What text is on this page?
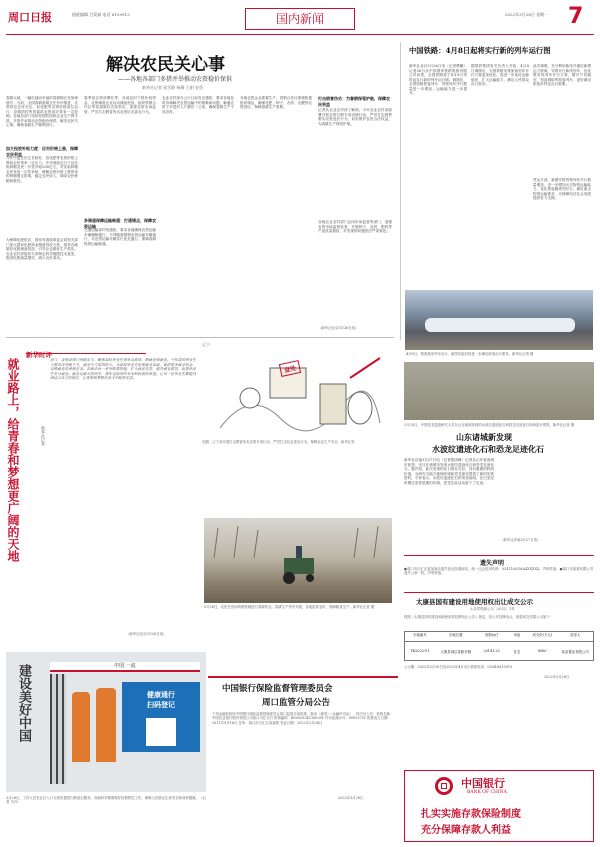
周口日报	值班编辑 吕爱斌 电话 6159913	国内新闻	2022年3月28日 星期一 7
解决农民关心事
——各地各部门多措并举推动农资稳价保供
新华社记者 侯雪静 杨静 王阳 安蓓
春耕大地，一幅忙碌而幸福的春耕图正在徐徐展开。当前，全国春耕备耕正在有序推进，农资供应总体充足，但化肥等农资价格高位运行、疫情防控等因素给农资供应带来一定影响。各地各部门坚持疫情防控和农业生产两手抓，多措并举推动农资稳价保供，解决农民关心事，确保春耕生产顺利进行。
加大投放补贴力度：应对价格上涨，保障农民利益
今年小麦在田生长较好，但化肥等农资价格上涨给农民带来一定压力。中央财政近日下达实际种粮农民一次性补贴200亿元，对实际种粮农民发放一次性补贴，缓解农资价格上涨带来的种粮增支影响，稳定农民收入，调动农民种粮积极性。
为保障化肥供应，国家发展改革委会同有关部门加大国家化肥商业储备投放力度，指导各地做好化肥储备投放，引导企业做好生产供应。农业农村部组织专家制定科学施肥技术意见，推进化肥减量增效，减少农民成本。
春季是农资消费旺季，各地及时下拨补贴资金，农资储备企业启动储备投放，组织供销合作社等渠道做好农资供应，加强农资市场监管，严厉打击假冒伪劣农资坑农害农行为。
多渠道保障运输畅通：打通堵点，保障农资运输
交通运输部印发通知，要求各地确保农资运输车辆顺畅通行，不得随意限制农资运输车辆通行，对农资运输车辆实行优先通行，保障春耕物资运输畅通。
农业农村部办公厅日前发出通知，要求各地及时协调解决农资运输中的困难和问题，畅通农资下乡进村入户最后一公里，确保春耕生产不误农时。
各地农资企业抓紧生产，供销合作社系统积极组织调运，确保化肥、种子、农药、农膜等农资供应，保障春耕生产需要。
打击假冒伪劣：为春耕保驾护航，保障农民利益
记者从农业农村部了解到，今年农业农村部部署开展农资打假专项治理行动，严厉打击制售假劣农资违法行为，切实维护农民合法权益，为春耕生产保驾护航。
各地农业农村部门会同市场监管等部门，加强农资市场监督检查，开展种子、农药、肥料等产品质量抽检，对发现的问题依法严肃查处。
（新华社北京3月26日电）
中国铁路：4月8日起将实行新的列车运行图
新华社北京3月26日电（记者樊曦）记者26日从中国国家铁路集团有限公司获悉，全国铁路将于4月8日零时起实行新的列车运行图。调图后，全国铁路旅客列车、货物列车开行数量进一步增加，运输能力进一步提升。
据国铁集团有关负责人介绍，4月8日调图后，全国铁路安排旅客列车开行方案更加优化，将进一步优化运输组织，扩大运输能力，满足人民群众出行需求。
此次调图，充分利用新线开通后新增运力资源，安排开行新线列车，优化既有线列车开行方案，增开夕发朝至、短途城际等旅客列车，更好满足旅客多样化出行需要。
货运方面，新图安排货物列车开行数量增加，进一步增加大宗物资运输能力，优化集装箱班列开行，满足重点物资运输需求，为保障经济社会发展提供有力支撑。
4月8日，旅客乘坐列车出行。新图实施后将进一步满足旅客出行需求。新华社记者 摄
新华时评
就业路上，给青春和梦想更广阔的天地	新华社记者
近日，各地各部门持续发力，聚焦高校毕业生等重点群体，稳就业保就业。今年高校毕业生人数首次突破千万，就业压力依然较大。为高校毕业生拓宽就业渠道，提供更多就业机会，是稳就业的重要任务。各地出台一系列政策措施，扩大就业容量，提升就业质量，促进毕业生充分就业。就业是最大的民生，青年是国家的未来和民族的希望。让每一位毕业生都能找到适合自己的岗位，让青春和梦想在奋斗中绽放光彩。
（新华社北京3月26日电）
辽宁
查处
近期，辽宁省开展打击假冒伪劣农资专项行动，严厉打击坑农害农行为，保障农业生产安全。新华社发
3月26日，农民在田间驾驶机械进行春耕作业。春耕生产有序开展，各地抢抓农时，保障粮食生产。新华社记者 摄
建设美好中国	中国 一流
健康通行
扫码登记
3月26日，工作人员在社区入口为居民提供扫码登记服务。各地科学精准做好疫情防控工作，保障人民群众生命安全和身体健康。（记者 马丹）
3月25日，中国恐龙遗迹研究人员在山东诸城发现的水波纹遗迹化石和恐龙足迹化石现场进行观察。新华社记者 摄
山东诸城新发现
水波纹遗迹化石和恐龙足迹化石
新华社济南3月27日电（记者陈国峰）记者从山东省诸城市获悉，近日在诸城市发现水波纹遗迹化石和恐龙足迹化石。据介绍，此次发现的化石保存完好，具有重要的科研价值，为研究当地古地理环境和恐龙演化提供了新的实物资料。专家表示，水波纹遗迹化石的发现表明，在白垩纪时期这里曾是湖泊环境，恐龙在此活动留下了足迹。
（新华社济南3月27日电）
遗失声明
●周口市川汇区某某商店遗失营业执照副本，统一社会信用代码：92411602MA4XXXXX，声明作废。●周口市某某有限公司遗失公章一枚，声明作废。
太康县国有建设用地使用权出让成交公示
太自然资源公示〔2022〕1号
按照《太康县国有建设用地使用权挂牌出让公告》规定，经公开挂牌出让，现将成交结果公示如下：
宗地编号	宗地位置	面积(㎡)	用途	成交价(万元)	竞得人
TK2022-01	太康县城区某路东侧	20141.23	住宅	8060	某某置业有限公司
公示期：2022年3月28日至2022年4月3日 联系电话：0394-6815019
2022年3月28日
中国银行保险监督管理委员会
周口监管分局公告
下列金融机构经中国银行保险监督管理委员会周口监管分局批准，换发（颁发）《金融许可证》，现予以公告：机构名称：中国农业银行股份有限公司周口川汇支行 机构编码：B0002S341160001 许可证流水号：00053751 批准成立日期：2011年9月16日 住所：周口市川汇区某某路 发证日期：2022年3月24日
2022年3月28日
中国银行
BANK OF CHINA
扎实实施存款保险制度
充分保障存款人利益
